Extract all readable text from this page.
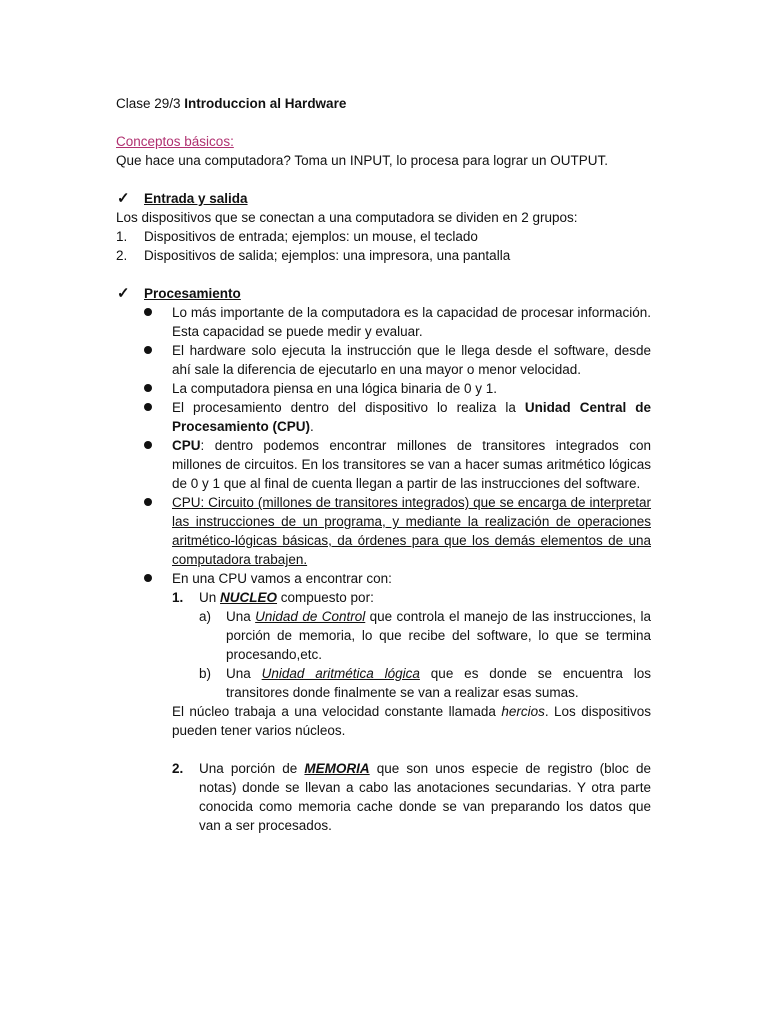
Clase 29/3 Introduccion al Hardware
Conceptos básicos:
Que hace una computadora? Toma un INPUT, lo procesa para lograr un OUTPUT.
✓ Entrada y salida
Los dispositivos que se conectan a una computadora se dividen en 2 grupos:
1. Dispositivos de entrada; ejemplos: un mouse, el teclado
2. Dispositivos de salida; ejemplos: una impresora, una pantalla
✓ Procesamiento
Lo más importante de la computadora es la capacidad de procesar información.
Esta capacidad se puede medir y evaluar.
El hardware solo ejecuta la instrucción que le llega desde el software, desde
ahí sale la diferencia de ejecutarlo en una mayor o menor velocidad.
La computadora piensa en una lógica binaria de 0 y 1.
El procesamiento dentro del dispositivo lo realiza la Unidad Central de
Procesamiento (CPU).
CPU: dentro podemos encontrar millones de transitores integrados con
millones de circuitos. En los transitores se van a hacer sumas aritmético lógicas
de 0 y 1 que al final de cuenta llegan a partir de las instrucciones del software.
CPU: Circuito (millones de transitores integrados) que se encarga de interpretar
las instrucciones de un programa, y mediante la realización de operaciones
aritmético-lógicas básicas, da órdenes para que los demás elementos de una
computadora trabajen.
En una CPU vamos a encontrar con:
1. Un NUCLEO compuesto por:
a) Una Unidad de Control que controla el manejo de las instrucciones, la
porción de memoria, lo que recibe del software, lo que se termina
procesando,etc.
b) Una Unidad aritmética lógica que es donde se encuentra los
transitores donde finalmente se van a realizar esas sumas.
El núcleo trabaja a una velocidad constante llamada hercios. Los dispositivos
pueden tener varios núcleos.
2. Una porción de MEMORIA que son unos especie de registro (bloc de
notas) donde se llevan a cabo las anotaciones secundarias. Y otra parte
conocida como memoria cache donde se van preparando los datos que
van a ser procesados.
